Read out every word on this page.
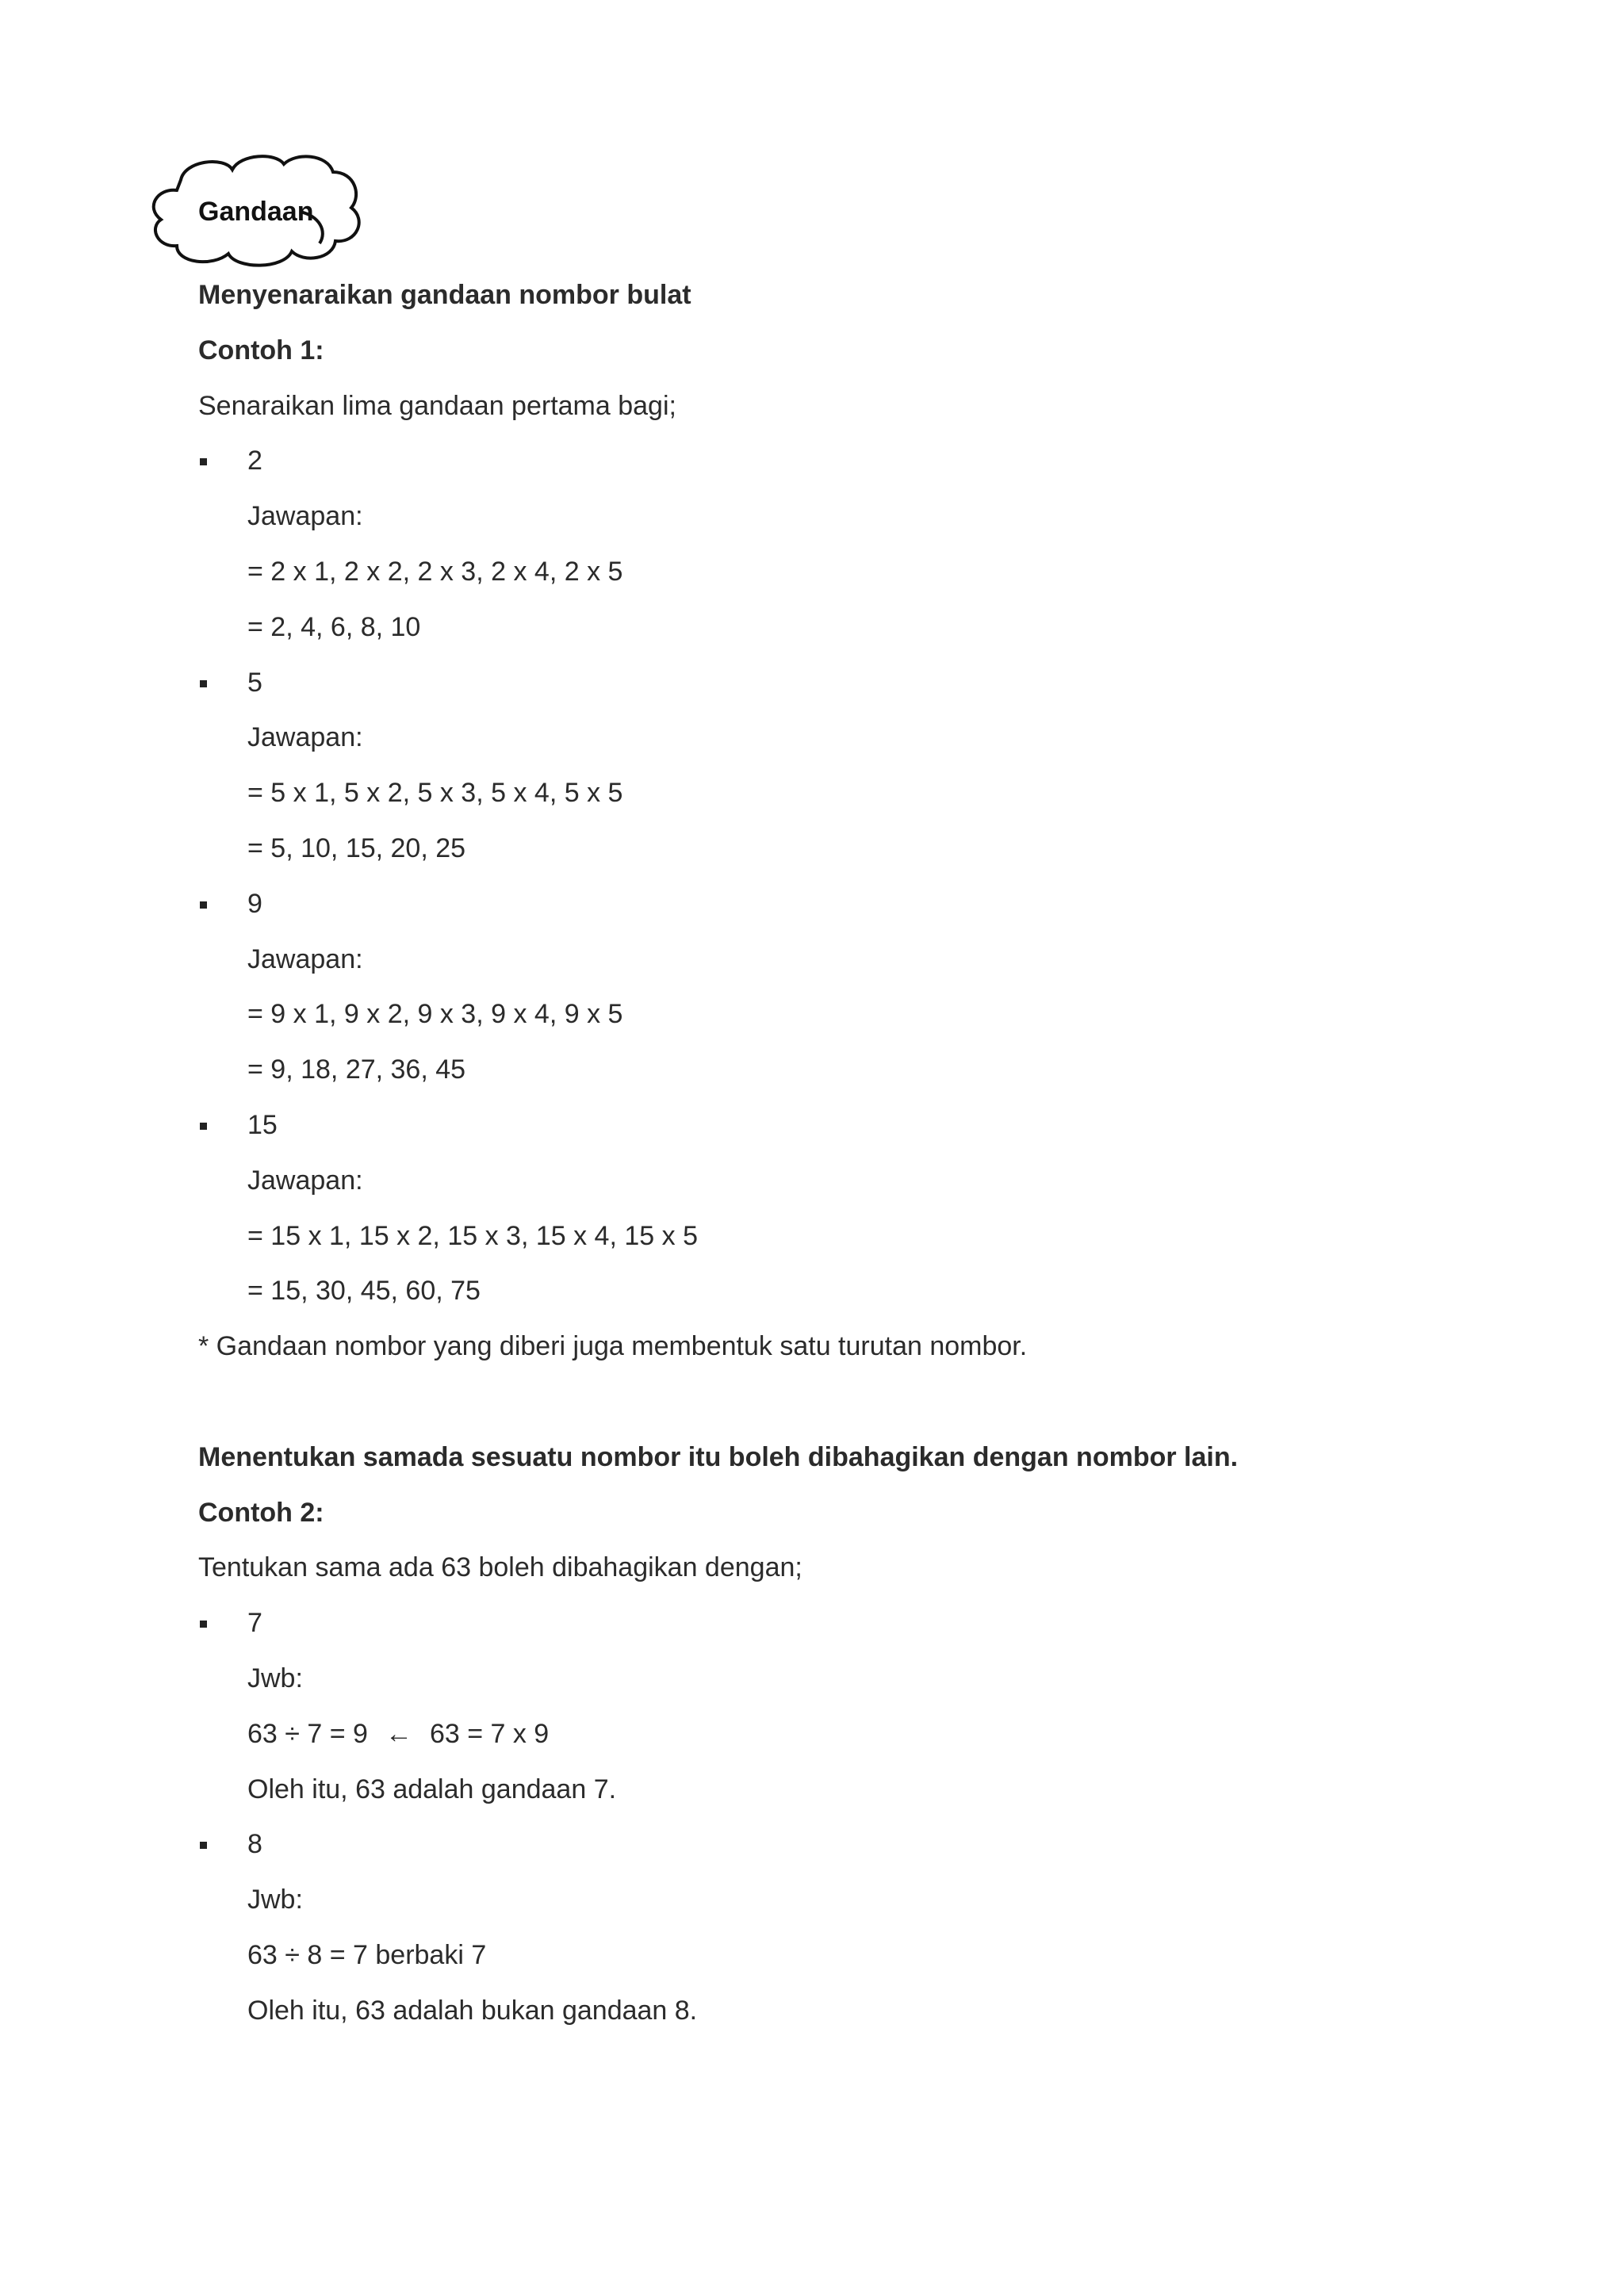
Gandaan
Menyenaraikan gandaan nombor bulat
Contoh 1:
Senaraikan lima gandaan pertama bagi;
2
Jawapan:
= 2 x 1, 2 x 2, 2 x 3, 2 x 4, 2 x 5
= 2, 4, 6, 8, 10
5
Jawapan:
= 5 x 1, 5 x 2, 5 x 3, 5 x 4, 5 x 5
= 5, 10, 15, 20, 25
9
Jawapan:
= 9 x 1, 9 x 2, 9 x 3, 9 x 4, 9 x 5
= 9, 18, 27, 36, 45
15
Jawapan:
= 15 x 1, 15 x 2, 15 x 3, 15 x 4, 15 x 5
= 15, 30, 45, 60, 75
* Gandaan nombor yang diberi juga membentuk satu turutan nombor.
Menentukan samada sesuatu nombor itu boleh dibahagikan dengan nombor lain.
Contoh 2:
Tentukan sama ada 63 boleh dibahagikan dengan;
7
Jwb:
63 ÷ 7 = 9 ← 63 = 7 x 9
Oleh itu, 63 adalah gandaan 7.
8
Jwb:
63 ÷ 8 = 7 berbaki 7
Oleh itu, 63 adalah bukan gandaan 8.
